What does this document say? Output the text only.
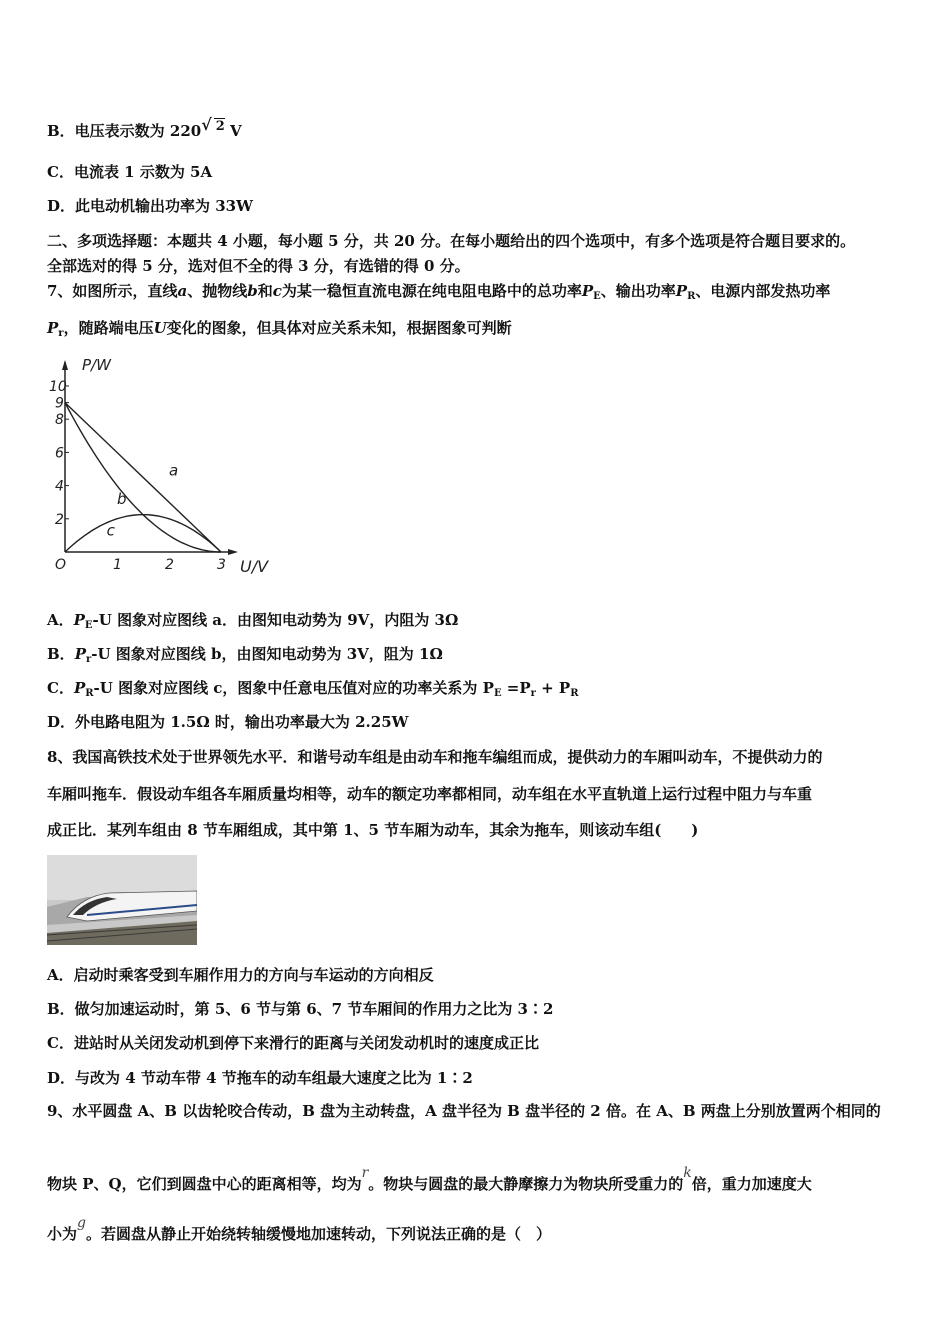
B．电压表示数为 220√ 2 V
C．电流表 1 示数为 5A
D．此电动机输出功率为 33W
二、多项选择题：本题共 4 小题，每小题 5 分，共 20 分。在每小题给出的四个选项中，有多个选项是符合题目要求的。
全部选对的得 5 分，选对但不全的得 3 分，有选错的得 0 分。
7、如图所示，直线a、抛物线b和c为某一稳恒直流电源在纯电阻电路中的总功率$P_E$、输出功率$P_R$、电源内部发热功率
$P_r$，随路端电压U变化的图象，但具体对应关系未知，根据图象可判断
P/W
U/V
O	1	2	3
10
9
8
6
4
2
a
b
c
A．$P_E-U$ 图象对应图线 a．由图知电动势为 9V，内阻为 3Ω
B．$P_r-U$ 图象对应图线 b，由图知电动势为 3V，阻为 1Ω
C．$P_R-U$ 图象对应图线 c，图象中任意电压值对应的功率关系为 $P_E =P_r + P_R$
D．外电路电阻为 1.5Ω 时，输出功率最大为 2.25W
8、我国高铁技术处于世界领先水平．和谐号动车组是由动车和拖车编组而成，提供动力的车厢叫动车，不提供动力的
车厢叫拖车．假设动车组各车厢质量均相等，动车的额定功率都相同，动车组在水平直轨道上运行过程中阻力与车重
成正比．某列车组由 8 节车厢组成，其中第 1、5 节车厢为动车，其余为拖车，则该动车组(　　)
A．启动时乘客受到车厢作用力的方向与车运动的方向相反
B．做匀加速运动时，第 5、6 节与第 6、7 节车厢间的作用力之比为 3∶2
C．进站时从关闭发动机到停下来滑行的距离与关闭发动机时的速度成正比
D．与改为 4 节动车带 4 节拖车的动车组最大速度之比为 1∶2
9、水平圆盘 A、B 以齿轮咬合传动，B 盘为主动转盘，A 盘半径为 B 盘半径的 2 倍。在 A、B 两盘上分别放置两个相同的
物块 P、Q，它们到圆盘中心的距离相等，均为r。物块与圆盘的最大静摩擦力为物块所受重力的k倍，重力加速度大
小为g。若圆盘从静止开始绕转轴缓慢地加速转动，下列说法正确的是（　）
